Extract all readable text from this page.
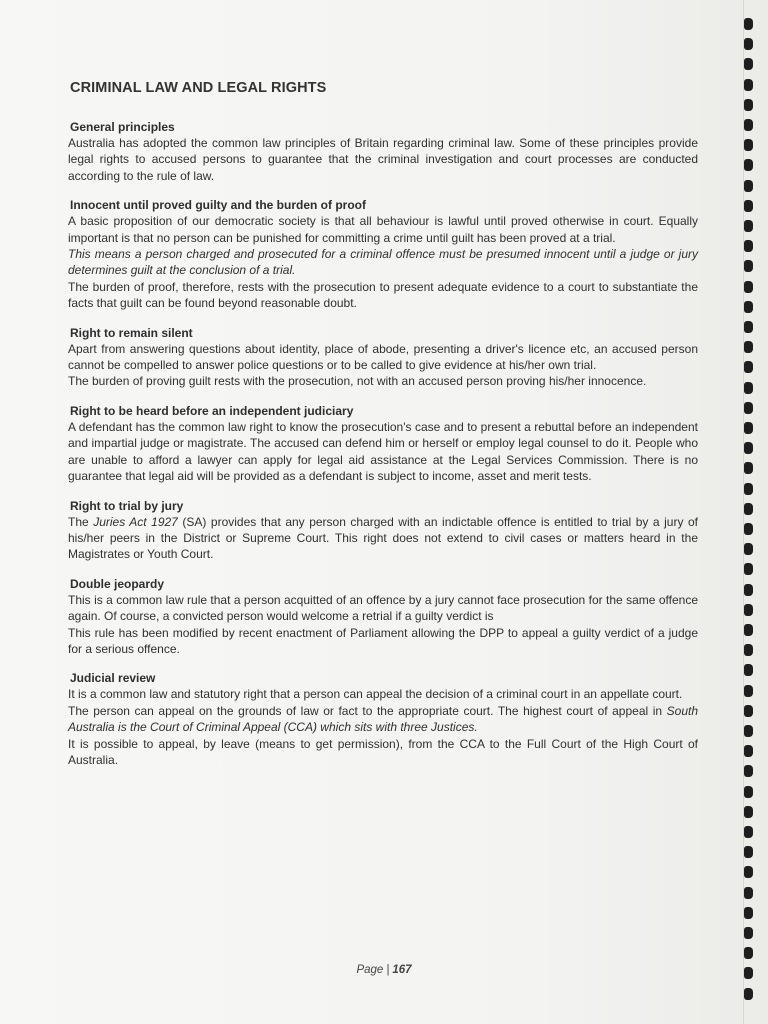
CRIMINAL LAW AND LEGAL RIGHTS
General principles

Australia has adopted the common law principles of Britain regarding criminal law. Some of these principles provide legal rights to accused persons to guarantee that the criminal investigation and court processes are conducted according to the rule of law.

Innocent until proved guilty and the burden of proof

A basic proposition of our democratic society is that all behaviour is lawful until proved otherwise in court. Equally important is that no person can be punished for committing a crime until guilt has been proved at a trial.

This means a person charged and prosecuted for a criminal offence must be presumed innocent until a judge or jury determines guilt at the conclusion of a trial.

The burden of proof, therefore, rests with the prosecution to present adequate evidence to a court to substantiate the facts that guilt can be found beyond reasonable doubt.

Right to remain silent

Apart from answering questions about identity, place of abode, presenting a driver's licence etc, an accused person cannot be compelled to answer police questions or to be called to give evidence at his/her own trial.

The burden of proving guilt rests with the prosecution, not with an accused person proving his/her innocence.

Right to be heard before an independent judiciary

A defendant has the common law right to know the prosecution's case and to present a rebuttal before an independent and impartial judge or magistrate. The accused can defend him or herself or employ legal counsel to do it. People who are unable to afford a lawyer can apply for legal aid assistance at the Legal Services Commission. There is no guarantee that legal aid will be provided as a defendant is subject to income, asset and merit tests.

Right to trial by jury

The Juries Act 1927 (SA) provides that any person charged with an indictable offence is entitled to trial by a jury of his/her peers in the District or Supreme Court. This right does not extend to civil cases or matters heard in the Magistrates or Youth Court.

Double jeopardy

This is a common law rule that a person acquitted of an offence by a jury cannot face prosecution for the same offence again. Of course, a convicted person would welcome a retrial if a guilty verdict is

This rule has been modified by recent enactment of Parliament allowing the DPP to appeal a guilty verdict of a judge for a serious offence.

Judicial review

It is a common law and statutory right that a person can appeal the decision of a criminal court in an appellate court.

The person can appeal on the grounds of law or fact to the appropriate court. The highest court of appeal in South Australia is the Court of Criminal Appeal (CCA) which sits with three Justices.

It is possible to appeal, by leave (means to get permission), from the CCA to the Full Court of the High Court of Australia.

Page | 167
